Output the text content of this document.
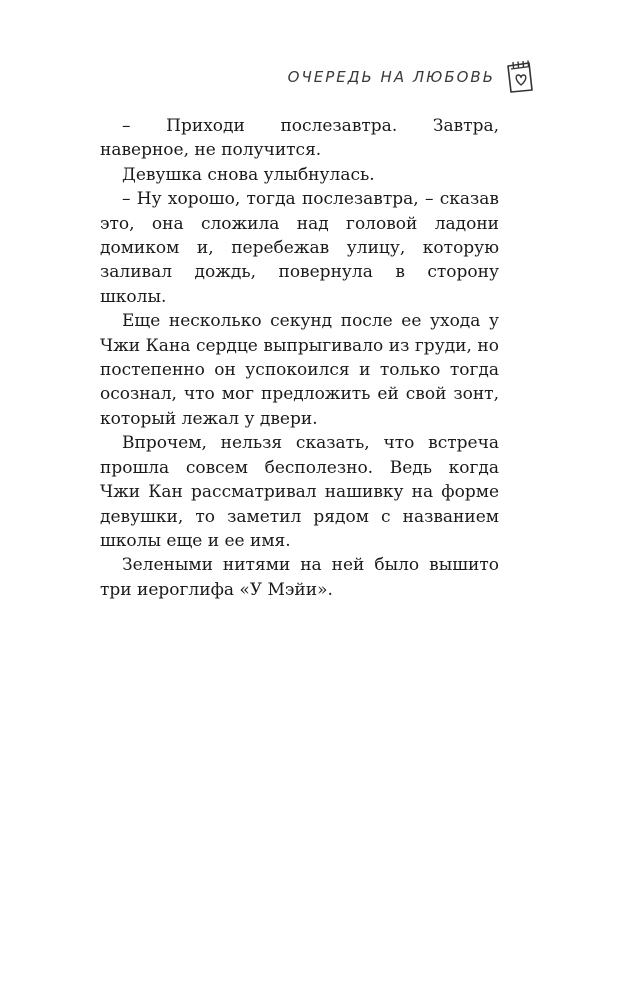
ОЧЕРЕДЬ НА ЛЮБОВЬ

– Приходи послезавтра. Завтра, наверное, не получится.

Девушка снова улыбнулась.

– Ну хорошо, тогда послезавтра, – сказав это, она сложила над головой ладони домиком и, перебежав улицу, которую заливал дождь, повернула в сторону школы.

Еще несколько секунд после ее ухода у Чжи Кана сердце выпрыгивало из груди, но постепенно он успокоился и только тогда осознал, что мог предложить ей свой зонт, который лежал у двери.

Впрочем, нельзя сказать, что встреча прошла совсем бесполезно. Ведь когда Чжи Кан рассматривал нашивку на форме девушки, то заметил рядом с названием школы еще и ее имя.

Зелеными нитями на ней было вышито три иероглифа «У Мэйи».
